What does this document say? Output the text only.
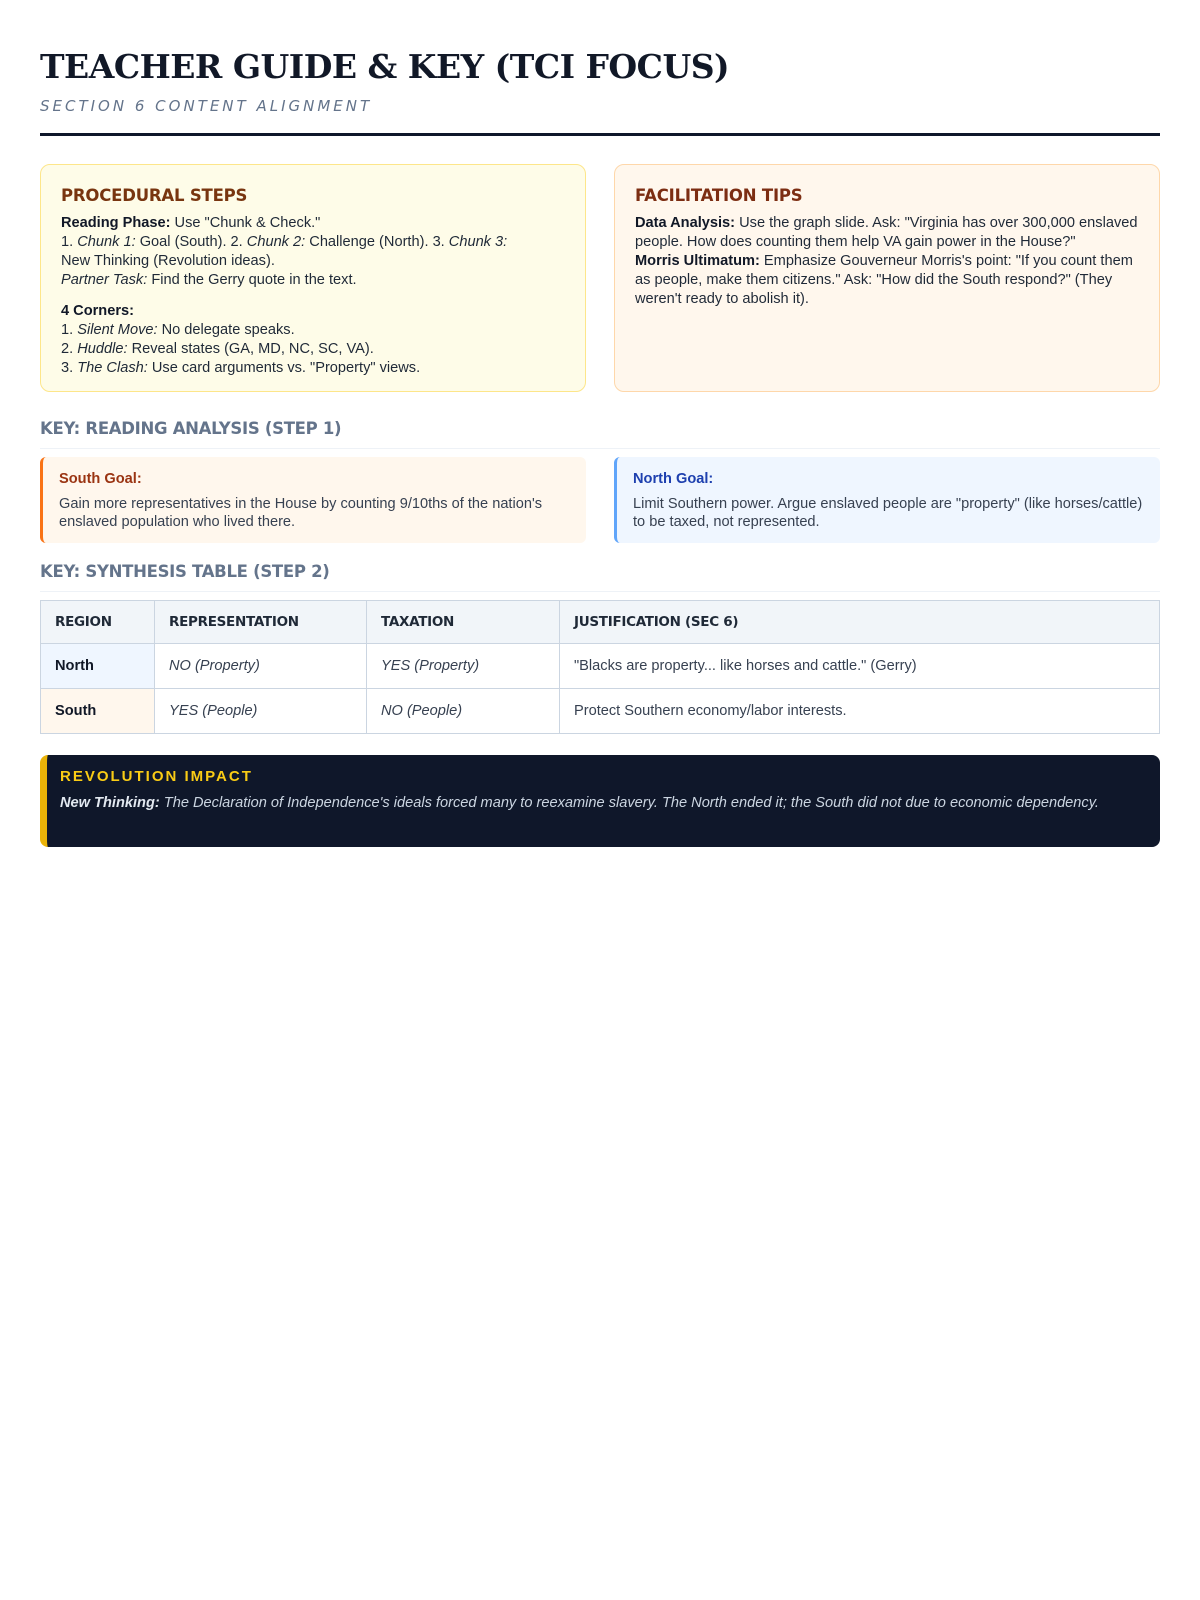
TEACHER GUIDE & KEY (TCI FOCUS)
SECTION 6 CONTENT ALIGNMENT
PROCEDURAL STEPS

Reading Phase: Use "Chunk & Check."

1. Chunk 1: Goal (South). 2. Chunk 2: Challenge (North). 3. Chunk 3:
New Thinking (Revolution ideas).

Partner Task: Find the Gerry quote in the text.

4 Corners:

1. Silent Move: No delegate speaks.

2. Huddle: Reveal states (GA, MD, NC, SC, VA).

3. The Clash: Use card arguments vs. "Property" views.

FACILITATION TIPS

Data Analysis: Use the graph slide. Ask: "Virginia has over 300,000 enslaved people. How does counting them help VA gain power in the House?"

Morris Ultimatum: Emphasize Gouverneur Morris's point: "If you count them as people, make them citizens." Ask: "How did the South respond?" (They weren't ready to abolish it).

KEY: READING ANALYSIS (STEP 1)
South Goal:
Gain more representatives in the House by counting 9/10ths of the nation's enslaved population who lived there.
North Goal:
Limit Southern power. Argue enslaved people are "property" (like horses/cattle) to be taxed, not represented.
KEY: SYNTHESIS TABLE (STEP 2)
REGION	REPRESENTATION	TAXATION	JUSTIFICATION (SEC 6)
North	NO (Property)	YES (Property)	"Blacks are property... like horses and cattle." (Gerry)
South	YES (People)	NO (People)	Protect Southern economy/labor interests.
REVOLUTION IMPACT
New Thinking: The Declaration of Independence's ideals forced many to reexamine slavery. The North ended it; the South did not due to economic dependency.
